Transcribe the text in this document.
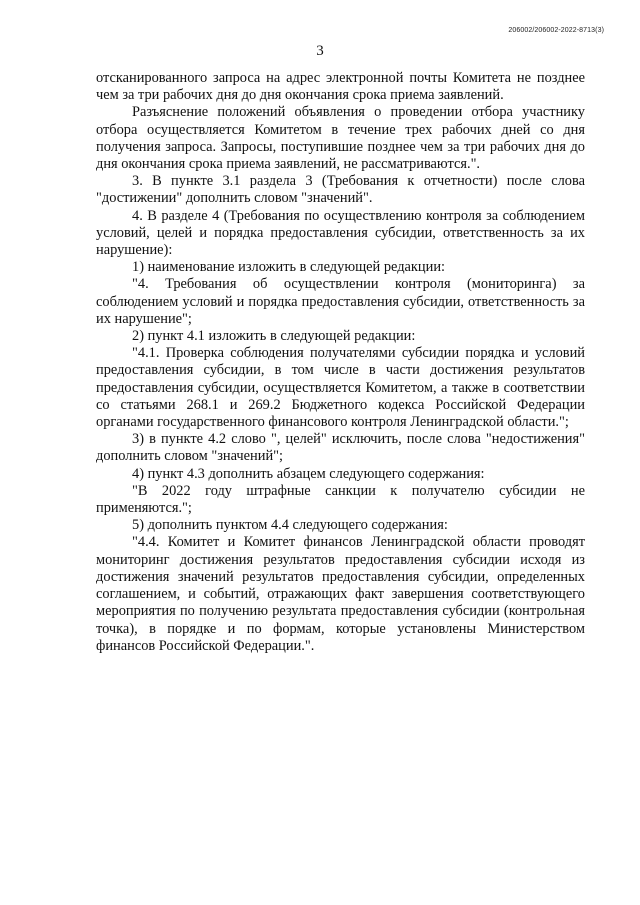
206002/206002-2022-8713(3)
3

отсканированного запроса на адрес электронной почты Комитета не позднее чем за три рабочих дня до дня окончания срока приема заявлений.

Разъяснение положений объявления о проведении отбора участнику отбора осуществляется Комитетом в течение трех рабочих дней со дня получения запроса. Запросы, поступившие позднее чем за три рабочих дня до дня окончания срока приема заявлений, не рассматриваются.".

3. В пункте 3.1 раздела 3 (Требования к отчетности) после слова "достижении" дополнить словом "значений".

4. В разделе 4 (Требования по осуществлению контроля за соблюдением условий, целей и порядка предоставления субсидии, ответственность за их нарушение):

1) наименование изложить в следующей редакции:

"4. Требования об осуществлении контроля (мониторинга) за соблюдением условий и порядка предоставления субсидии, ответственность за их нарушение";

2) пункт 4.1 изложить в следующей редакции:

"4.1. Проверка соблюдения получателями субсидии порядка и условий предоставления субсидии, в том числе в части достижения результатов предоставления субсидии, осуществляется Комитетом, а также в соответствии со статьями 268.1 и 269.2 Бюджетного кодекса Российской Федерации органами государственного финансового контроля Ленинградской области.";

3) в пункте 4.2 слово ", целей" исключить, после слова "недостижения" дополнить словом "значений";

4) пункт 4.3 дополнить абзацем следующего содержания:

"В 2022 году штрафные санкции к получателю субсидии не применяются.";

5) дополнить пунктом 4.4 следующего содержания:

"4.4. Комитет и Комитет финансов Ленинградской области проводят мониторинг достижения результатов предоставления субсидии исходя из достижения значений результатов предоставления субсидии, определенных соглашением, и событий, отражающих факт завершения соответствующего мероприятия по получению результата предоставления субсидии (контрольная точка), в порядке и по формам, которые установлены Министерством финансов Российской Федерации.".
